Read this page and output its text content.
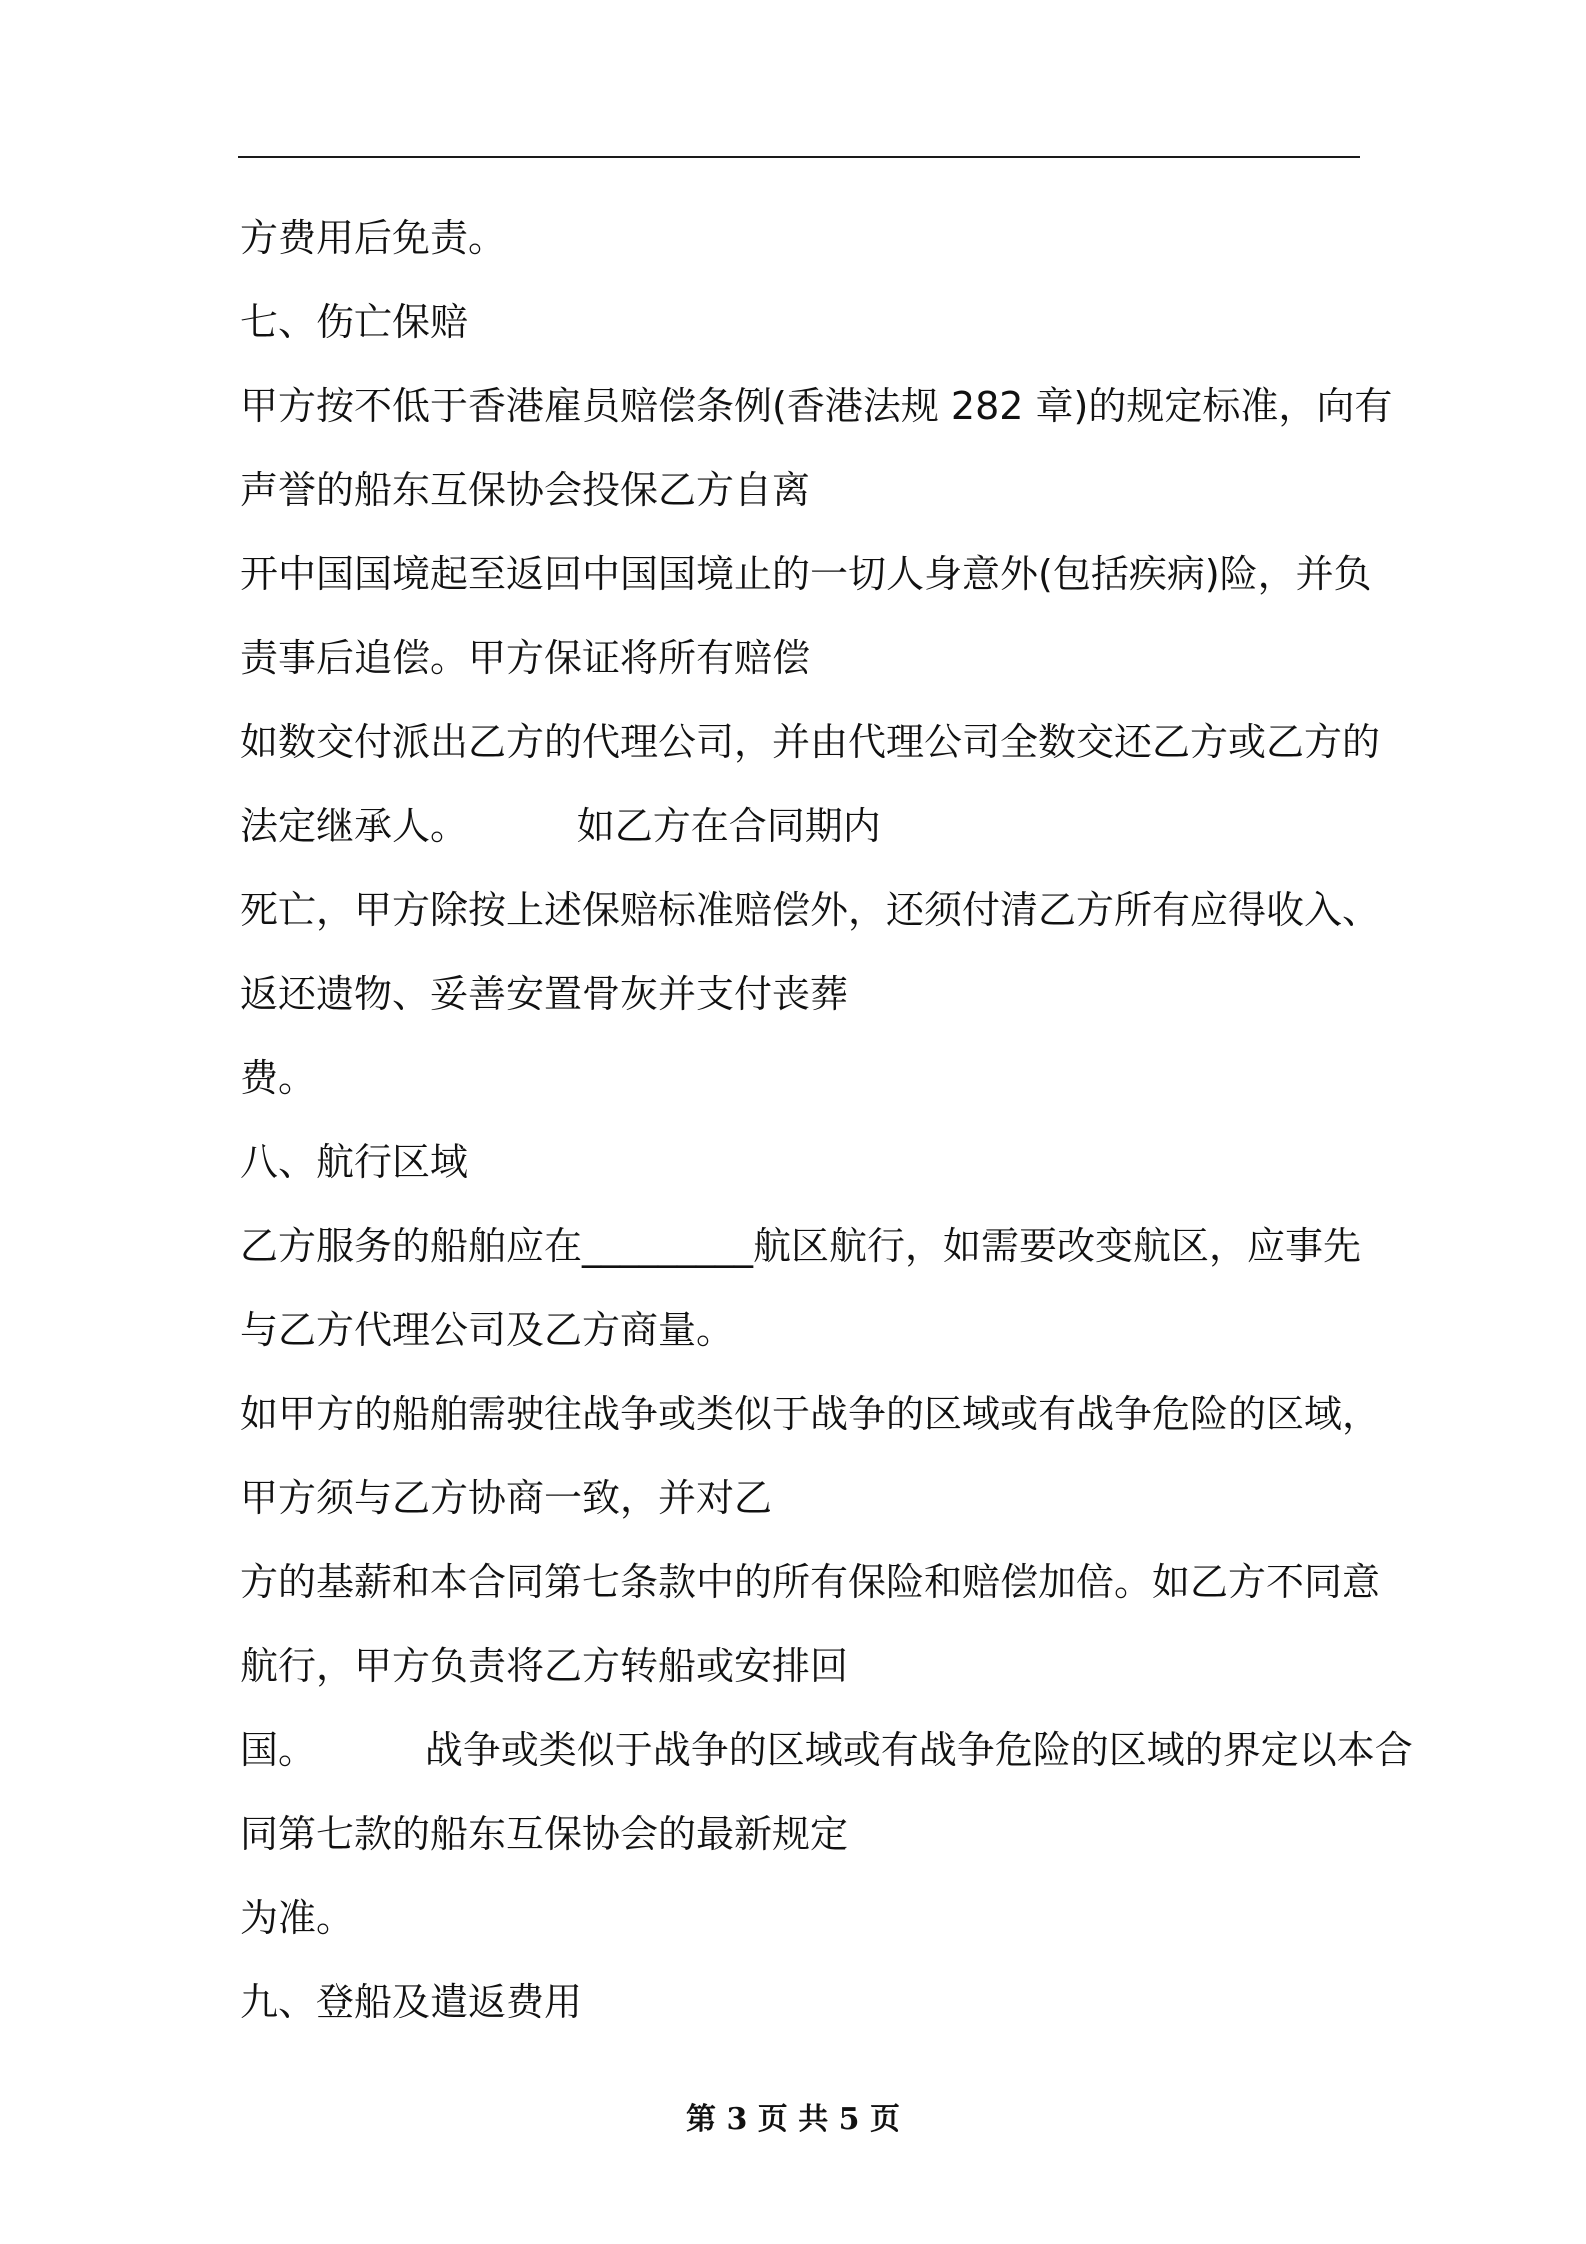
方费用后免责。
七、伤亡保赔
甲方按不低于香港雇员赔偿条例(香港法规 282 章)的规定标准，向有
声誉的船东互保协会投保乙方自离
开中国国境起至返回中国国境止的一切人身意外(包括疾病)险，并负
责事后追偿。甲方保证将所有赔偿
如数交付派出乙方的代理公司，并由代理公司全数交还乙方或乙方的
法定继承人。         如乙方在合同期内
死亡，甲方除按上述保赔标准赔偿外，还须付清乙方所有应得收入、
返还遗物、妥善安置骨灰并支付丧葬
费。
八、航行区域
乙方服务的船舶应在_________航区航行，如需要改变航区，应事先
与乙方代理公司及乙方商量。
如甲方的船舶需驶往战争或类似于战争的区域或有战争危险的区域，
甲方须与乙方协商一致，并对乙
方的基薪和本合同第七条款中的所有保险和赔偿加倍。如乙方不同意
航行，甲方负责将乙方转船或安排回
国。         战争或类似于战争的区域或有战争危险的区域的界定以本合
同第七款的船东互保协会的最新规定
为准。
九、登船及遣返费用
第 3 页 共 5 页
